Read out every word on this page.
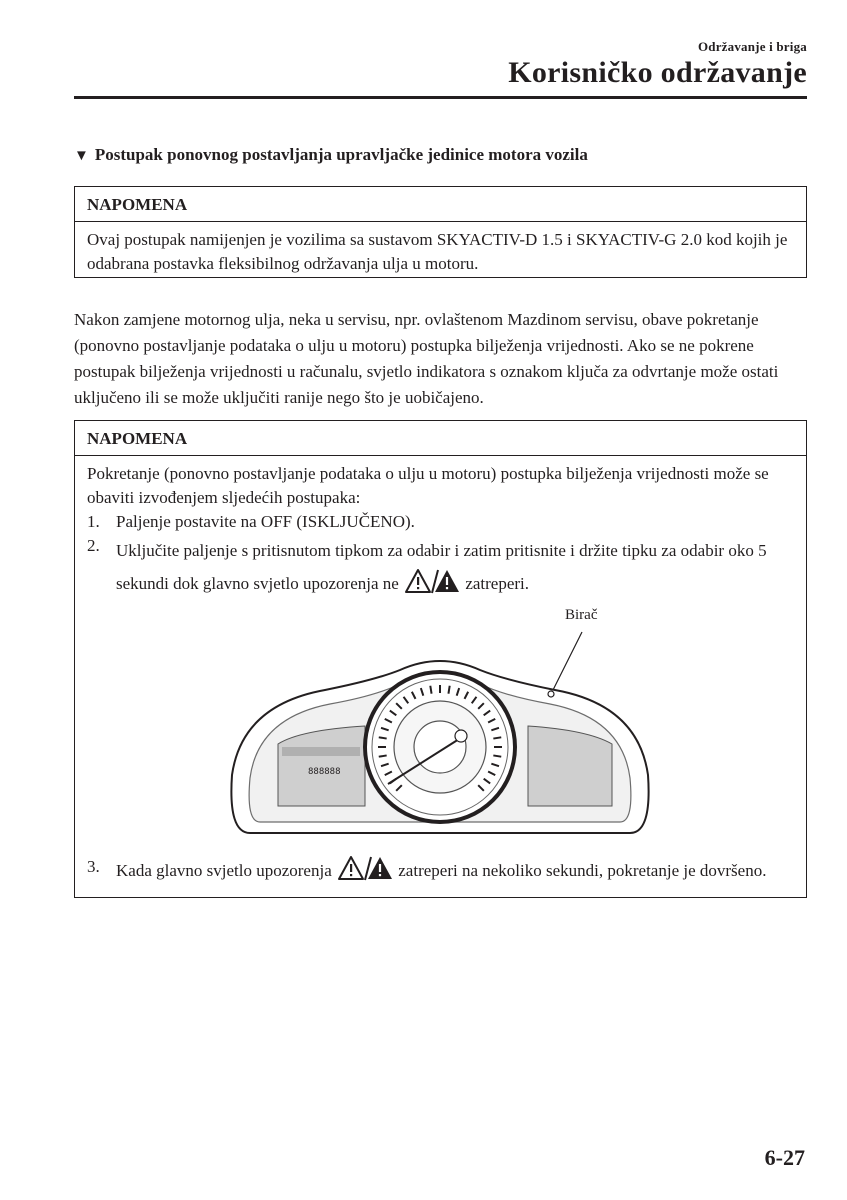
Održavanje i briga
Korisničko održavanje
▼ Postupak ponovnog postavljanja upravljačke jedinice motora vozila
NAPOMENA
Ovaj postupak namijenjen je vozilima sa sustavom SKYACTIV-D 1.5 i SKYACTIV-G 2.0 kod kojih je odabrana postavka fleksibilnog održavanja ulja u motoru.
Nakon zamjene motornog ulja, neka u servisu, npr. ovlaštenom Mazdinom servisu, obave pokretanje (ponovno postavljanje podataka o ulju u motoru) postupka bilježenja vrijednosti. Ako se ne pokrene postupak bilježenja vrijednosti u računalu, svjetlo indikatora s oznakom ključa za odvrtanje može ostati uključeno ili se može uključiti ranije nego što je uobičajeno.
NAPOMENA
Pokretanje (ponovno postavljanje podataka o ulju u motoru) postupka bilježenja vrijednosti može se obaviti izvođenjem sljedećih postupaka:
1. Paljenje postavite na OFF (ISKLJUČENO).
2. Uključite paljenje s pritisnutom tipkom za odabir i zatim pritisnite i držite tipku za odabir oko 5 sekundi dok glavno svjetlo upozorenja ne	zatreperi.
3. Kada glavno svjetlo upozorenja	zatreperi na nekoliko sekundi, pokretanje je dovršeno.
Birač
888888
6-27
